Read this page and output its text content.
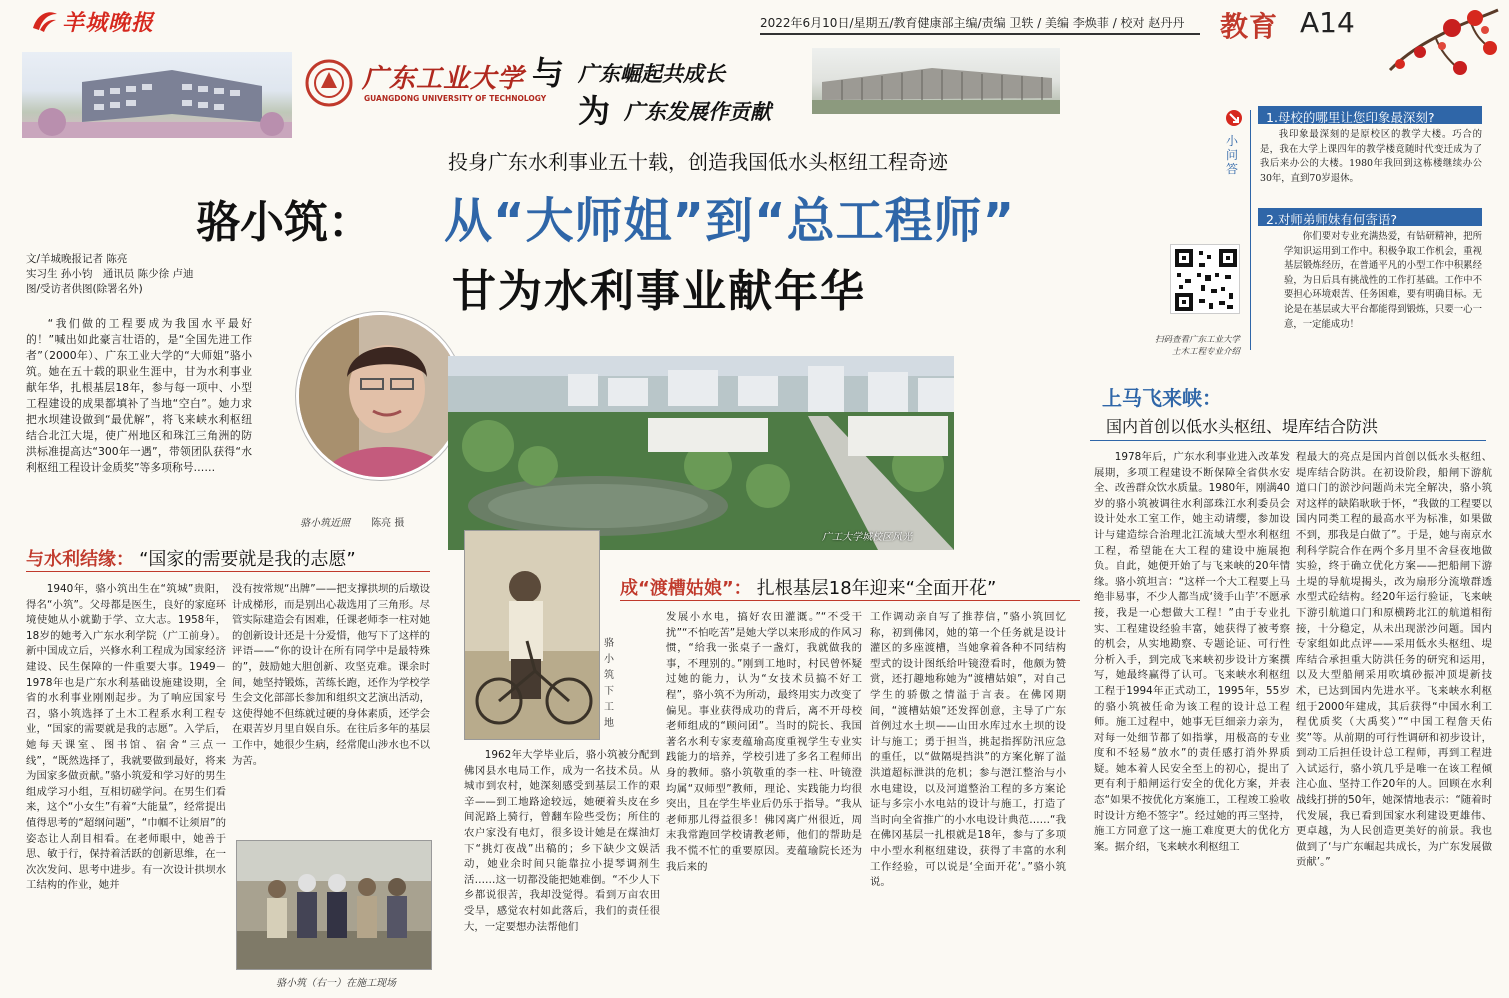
羊城晚报	2022年6月10日/星期五/教育健康部主编/责编 卫轶 / 美编 李焕菲 / 校对 赵丹丹 教育 A14
广东工业大学
GUANGDONG UNIVERSITY OF TECHNOLOGY
与 广东崛起共成长
为 广东发展作贡献
投身广东水利事业五十载，创造我国低水头枢纽工程奇迹
骆小筑： 从“大师姐”到“总工程师”
甘为水利事业献年华
文/羊城晚报记者 陈亮
实习生 孙小钧　通讯员 陈少徐 卢迪
图/受访者供图(除署名外)

“我们做的工程要成为我国水平最好的！”喊出如此豪言壮语的，是“全国先进工作者”（2000年）、广东工业大学的“大师姐”骆小筑。她在五十载的职业生涯中，甘为水利事业献年华，扎根基层18年，参与每一项中、小型工程建设的成果都填补了当地“空白”。她力求把水坝建设做到“最优解”，将飞来峡水利枢纽结合北江大堤，使广州地区和珠江三角洲的防洪标准提高达“300年一遇”，带领团队获得“水利枢纽工程设计金质奖”等多项称号……

骆小筑近照 陈亮 摄
广工大学城校区风光
与水利结缘： “国家的需要就是我的志愿”

1940年，骆小筑出生在“筑城”贵阳，得名“小筑”。父母都是医生，良好的家庭环境使她从小就勤于学、立大志。1958年，18岁的她考入广东水利学院（广工前身）。新中国成立后，兴修水利工程成为国家经济建设、民生保障的一件重要大事。1949－1978年也是广东水利基础设施建设期，全省的水利事业刚刚起步。为了响应国家号召，骆小筑选择了土木工程系水利工程专业，“国家的需要就是我的志愿”。入学后，她每天课室、图书馆、宿舍“三点一线”，“既然选择了，我就要做到最好，将来为国家多做贡献。”骆小筑爱和学习好的男生组成学习小组，互相切磋学问。在男生们看来，这个“小女生”有着“大能量”，经常提出值得思考的“超纲问题”，“巾帼不让须眉”的姿态让人刮目相看。在老师眼中，她善于思、敏于行，保持着活跃的创新思维，在一次次发问、思考中进步。有一次设计拱坝水工结构的作业，她并

没有按常规“出牌”——把支撑拱坝的后墩设计成梯形，而是别出心裁选用了三角形。尽管实际建造会有困难，任课老师李一柱对她的创新设计还是十分爱惜，他写下了这样的评语——“你的设计在所有同学中是最特殊的”，鼓励她大胆创新、攻坚克难。课余时间，她坚持锻炼，苦练长跑，还作为学校学生会文化部部长参加和组织文艺演出活动，这使得她不但练就过硬的身体素质，还学会在艰苦岁月里自娱自乐。在往后多年的基层工作中，她很少生病，经常爬山涉水也不以为苦。

骆小筑（右一）在施工现场
骆小筑下工地
成“渡槽姑娘”： 扎根基层18年迎来“全面开花”

1962年大学毕业后，骆小筑被分配到佛冈县水电局工作，成为一名技术员。从城市到农村，她深刻感受到基层工作的艰辛——到工地路途较远，她硬着头皮在乡间泥路上骑行，曾翻车险些受伤；所住的农户家没有电灯，很多设计她是在煤油灯下“挑灯夜战”出稿的；乡下缺少文娱活动，她业余时间只能靠拉小提琴调剂生活……这一切都没能把她难倒。“不少人下乡都说很苦，我却没觉得。看到万亩农田受旱，感觉农村如此落后，我们的责任很大，一定要想办法帮他们

发展小水电，搞好农田灌溉。”“不受干扰”“不怕吃苦”是她大学以来形成的作风习惯，“给我一张桌子一盏灯，我就做我的事，不理别的。”刚到工地时，村民曾怀疑过她的能力，认为“女技术员搞不好工程”，骆小筑不为所动，最终用实力改变了偏见。事业获得成功的背后，离不开母校老师组成的“顾问团”。当时的院长、我国著名水利专家麦蕴瑜高度重视学生专业实践能力的培养，学校引进了多名工程师出身的教师。骆小筑敬重的李一柱、叶镜澄均属“双师型”教师，理论、实践能力均很突出，且在学生毕业后仍乐于指导。“我从老师那儿得益很多！佛冈离广州很近，周末我常跑回学校请教老师，他们的帮助是我不慌不忙的重要原因。麦蕴瑜院长还为我后来的

工作调动亲自写了推荐信，”骆小筑回忆称，初到佛冈，她的第一个任务就是设计灌区的多座渡槽，当她拿着各种不同结构型式的设计图纸给叶镜澄看时，他颇为赞赏，还打趣地称她为“渡槽姑娘”，对自己学生的骄傲之情溢于言表。在佛冈期间，“渡槽姑娘”还发挥创意，主导了广东首例过水土坝——山田水库过水土坝的设计与施工；勇于担当，挑起指挥防汛应急的重任，以“做隔堤挡洪”的方案化解了溢洪道超标泄洪的危机；参与潖江整治与小水电建设，以及河道整治工程的多方案论证与多宗小水电站的设计与施工，打造了当时向全省推广的小水电设计典范……“我在佛冈基层一扎根就是18年，参与了多项中小型水利枢纽建设，获得了丰富的水利工作经验，可以说是‘全面开花’。”骆小筑说。

小问答
1.母校的哪里让您印象最深刻?

我印象最深刻的是原校区的教学大楼。巧合的是，我在大学上课四年的教学楼竟随时代变迁成为了我后来办公的大楼。1980年我回到这栋楼继续办公30年，直到70岁退休。

2.对师弟师妹有何寄语?

你们要对专业充满热爱，有钻研精神，把所学知识运用到工作中。积极争取工作机会，重视基层锻炼经历，在普通平凡的小型工作中积累经验，为日后具有挑战性的工作打基础。工作中不要担心环境艰苦、任务困难，要有明确目标。无论是在基层或大平台都能得到锻炼，只要一心一意，一定能成功！

扫码查看广东工业大学
土木工程专业介绍
上马飞来峡：
国内首创以低水头枢纽、堤库结合防洪

1978年后，广东水利事业进入改革发展期，多项工程建设不断保障全省供水安全、改善群众饮水质量。1980年，刚满40岁的骆小筑被调往水利部珠江水利委员会设计处水工室工作，她主动请缨，参加设计与建造综合治理北江流域大型水利枢纽工程，希望能在大工程的建设中施展抱负。自此，她便开始了与飞来峡的20年情缘。骆小筑坦言：“这样一个大工程要上马绝非易事，不少人都当成‘烫手山芋’不愿承接，我是一心想做大工程！”由于专业扎实、工程建设经验丰富，她获得了被考察的机会，从实地勘察、专题论证、可行性分析入手，到完成飞来峡初步设计方案撰写，她最终赢得了认可。飞来峡水利枢纽工程于1994年正式动工，1995年，55岁的骆小筑被任命为该工程的设计总工程师。施工过程中，她事无巨细亲力亲为，对每一处细节都了如指掌，用极高的专业度和不轻易“放水”的责任感打消外界质疑。她本着人民安全至上的初心，提出了更有利于船闸运行安全的优化方案，并表态“如果不按优化方案施工，工程竣工验收时设计方绝不签字”。经过她的再三坚持，施工方同意了这一施工难度更大的优化方案。据介绍，飞来峡水利枢纽工

程最大的亮点是国内首创以低水头枢纽、堤库结合防洪。在初设阶段，船闸下游航道口门的淤沙问题尚未完全解决，骆小筑对这样的缺陷耿耿于怀，“我做的工程要以国内同类工程的最高水平为标准，如果做不到，那我是白做了”。于是，她与南京水利科学院合作在两个多月里不舍昼夜地做实验，终于确立优化方案——把船闸下游土堤的导航堤揭头，改为扇形分流墩群透水型式砼结构。经20年运行验证，飞来峡下游引航道口门和原横跨北江的航道相衔接，十分稳定，从未出现淤沙问题。国内专家组如此点评——采用低水头枢纽、堤库结合承担重大防洪任务的研究和运用，以及大型船闸采用吹填砂振冲顶堤新技术，已达到国内先进水平。飞来峡水利枢纽于2000年建成，其后获得“中国水利工程优质奖（大禹奖）”“中国工程詹天佑奖”等。从前期的可行性调研和初步设计，到动工后担任设计总工程师，再到工程进入试运行，骆小筑几乎是唯一在该工程倾注心血、坚持工作20年的人。回顾在水利战线打拼的50年，她深情地表示：“随着时代发展，我已看到国家水利建设更雄伟、更卓越，为人民创造更美好的前景。我也做到了‘与广东崛起共成长，为广东发展做贡献’。”
